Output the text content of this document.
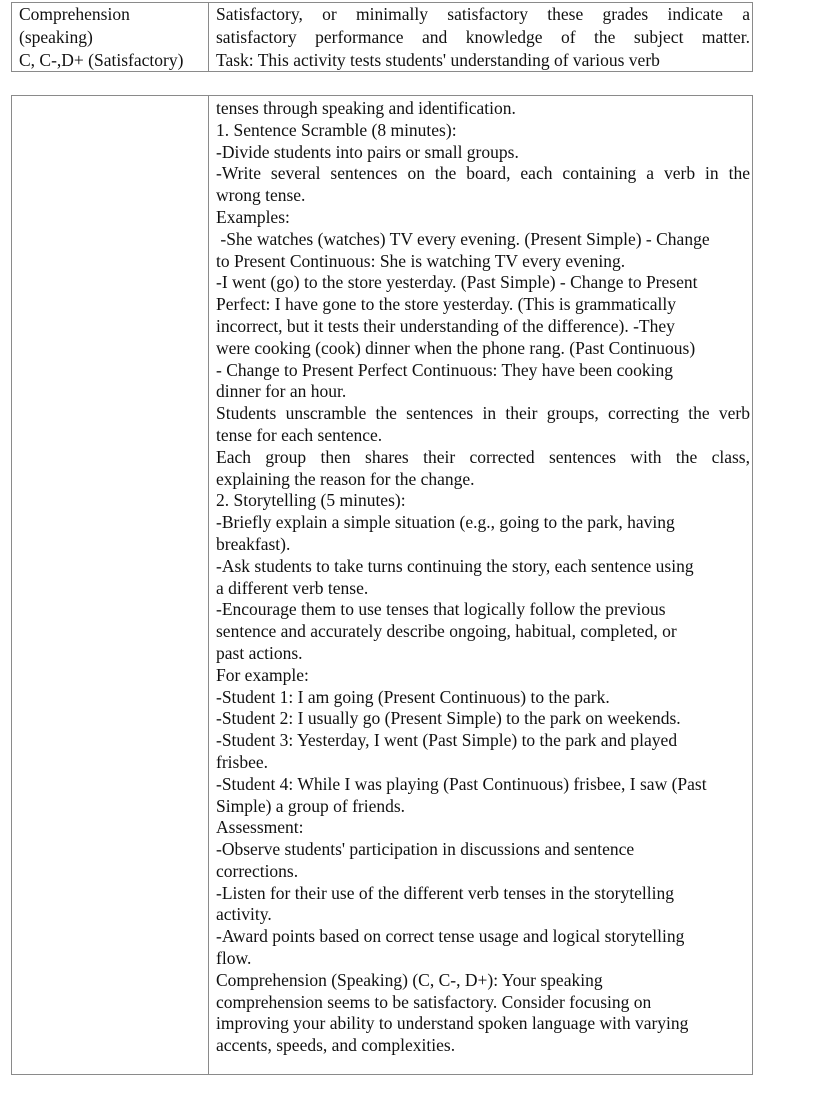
Comprehension
(speaking)
C, C-,D+ (Satisfactory)
Satisfactory, or minimally satisfactory these grades indicate a
satisfactory performance and knowledge of the subject matter.
Task: This activity tests students' understanding of various verb
tenses through speaking and identification.
1. Sentence Scramble (8 minutes):
-Divide students into pairs or small groups.
-Write several sentences on the board, each containing a verb in the
wrong tense.
Examples:
-She watches (watches) TV every evening. (Present Simple) - Change
to Present Continuous: She is watching TV every evening.
-I went (go) to the store yesterday. (Past Simple) - Change to Present
Perfect: I have gone to the store yesterday. (This is grammatically
incorrect, but it tests their understanding of the difference). -They
were cooking (cook) dinner when the phone rang. (Past Continuous)
- Change to Present Perfect Continuous: They have been cooking
dinner for an hour.
Students unscramble the sentences in their groups, correcting the verb
tense for each sentence.
Each group then shares their corrected sentences with the class,
explaining the reason for the change.
2. Storytelling (5 minutes):
-Briefly explain a simple situation (e.g., going to the park, having
breakfast).
-Ask students to take turns continuing the story, each sentence using
a different verb tense.
-Encourage them to use tenses that logically follow the previous
sentence and accurately describe ongoing, habitual, completed, or
past actions.
For example:
-Student 1: I am going (Present Continuous) to the park.
-Student 2: I usually go (Present Simple) to the park on weekends.
-Student 3: Yesterday, I went (Past Simple) to the park and played
frisbee.
-Student 4: While I was playing (Past Continuous) frisbee, I saw (Past
Simple) a group of friends.
Assessment:
-Observe students' participation in discussions and sentence
corrections.
-Listen for their use of the different verb tenses in the storytelling
activity.
-Award points based on correct tense usage and logical storytelling
flow.
Comprehension (Speaking) (C, C-, D+): Your speaking
comprehension seems to be satisfactory. Consider focusing on
improving your ability to understand spoken language with varying
accents, speeds, and complexities.
